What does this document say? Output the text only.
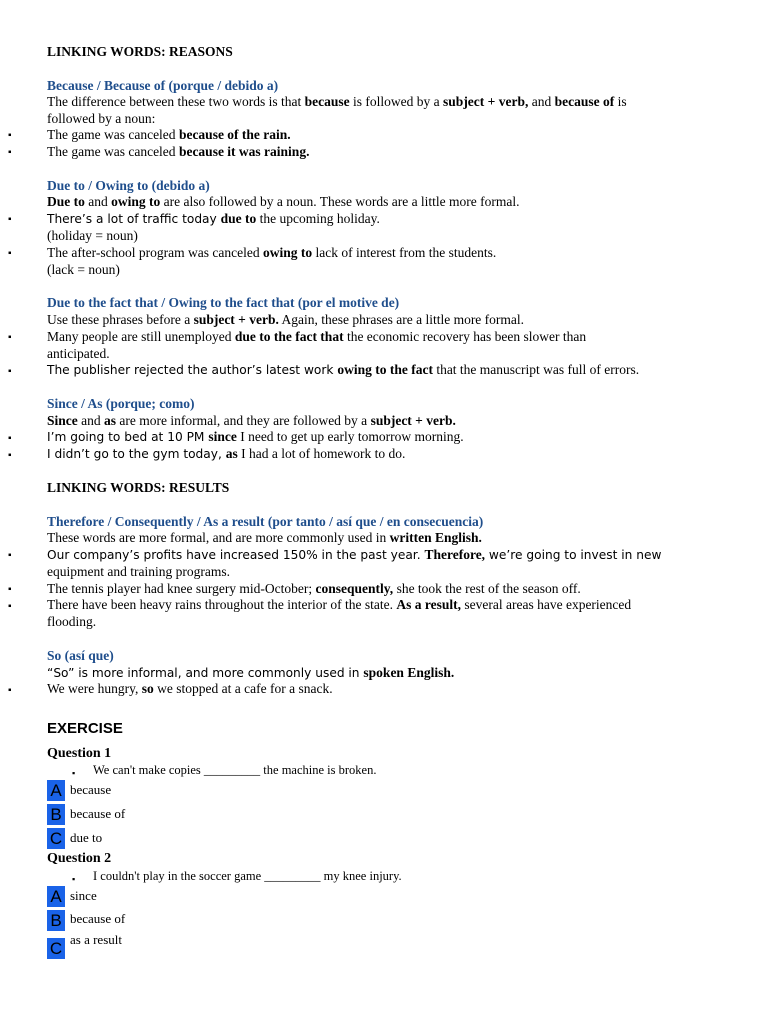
LINKING WORDS: REASONS
Because / Because of (porque / debido a)
The difference between these two words is that because is followed by a subject + verb, and because of is
followed by a noun:
▪	The game was canceled because of the rain.
▪	The game was canceled because it was raining.
Due to / Owing to (debido a)
Due to and owing to are also followed by a noun. These words are a little more formal.
▪	There’s a lot of traffic today due to the upcoming holiday.
(holiday = noun)
▪	The after-school program was canceled owing to lack of interest from the students.
(lack = noun)
Due to the fact that / Owing to the fact that (por el motive de)
Use these phrases before a subject + verb. Again, these phrases are a little more formal.
▪	Many people are still unemployed due to the fact that the economic recovery has been slower than
anticipated.
▪	The publisher rejected the author’s latest work owing to the fact that the manuscript was full of errors.
Since / As (porque; como)
Since and as are more informal, and they are followed by a subject + verb.
▪	I’m going to bed at 10 PM since I need to get up early tomorrow morning.
▪	I didn’t go to the gym today, as I had a lot of homework to do.
LINKING WORDS: RESULTS
Therefore / Consequently / As a result (por tanto / así que / en consecuencia)
These words are more formal, and are more commonly used in written English.
▪	Our company’s profits have increased 150% in the past year. Therefore, we’re going to invest in new
equipment and training programs.
▪	The tennis player had knee surgery mid-October; consequently, she took the rest of the season off.
▪	There have been heavy rains throughout the interior of the state. As a result, several areas have experienced
flooding.
So (así que)
“So” is more informal, and more commonly used in spoken English.
▪	We were hungry, so we stopped at a cafe for a snack.
EXERCISE
Question 1
▪ We can't make copies _________ the machine is broken.
A because
B because of
C due to
Question 2
▪ I couldn't play in the soccer game _________ my knee injury.
A since
B because of
C as a result
